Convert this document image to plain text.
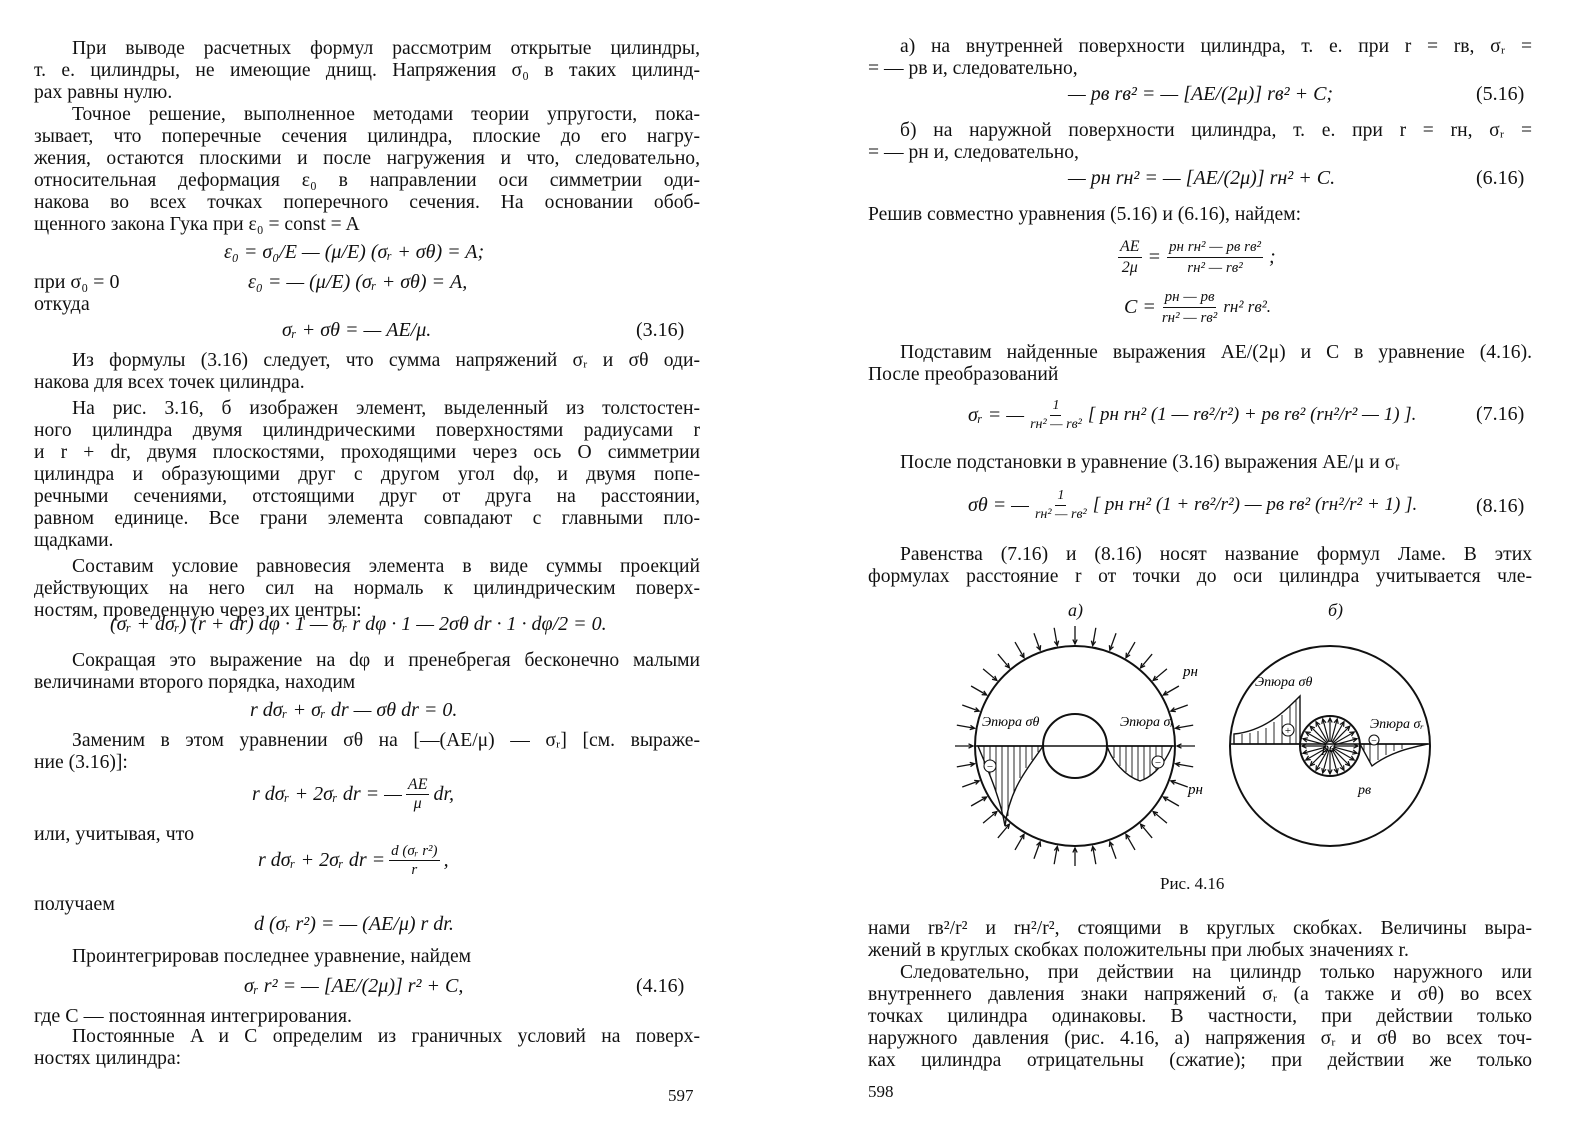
При выводе расчетных формул рассмотрим открытые цилиндры,
т. е. цилиндры, не имеющие днищ. Напряжения σ₀ в таких цилинд-
рах равны нулю.
Точное решение, выполненное методами теории упругости, пока-
зывает, что поперечные сечения цилиндра, плоские до его нагру-
жения, остаются плоскими и после нагружения и что, следовательно,
относительная деформация ε₀ в направлении оси симметрии оди-
накова во всех точках поперечного сечения. На основании обоб-
щенного закона Гука при ε₀ = const = A
ε₀ = σ₀/E — (μ/E) (σᵣ + σθ) = A;
при σ₀ = 0	ε₀ = — (μ/E) (σᵣ + σθ) = A,
откуда
σᵣ + σθ = — AE/μ.	(3.16)
Из формулы (3.16) следует, что сумма напряжений σᵣ и σθ оди-
накова для всех точек цилиндра.
На рис. 3.16, б изображен элемент, выделенный из толстостен-
ного цилиндра двумя цилиндрическими поверхностями радиусами r
и r + dr, двумя плоскостями, проходящими через ось O симметрии
цилиндра и образующими друг с другом угол dφ, и двумя попе-
речными сечениями, отстоящими друг от друга на расстоянии,
равном единице. Все грани элемента совпадают с главными пло-
щадками.
Составим условие равновесия элемента в виде суммы проекций
действующих на него сил на нормаль к цилиндрическим поверх-
ностям, проведенную через их центры:
(σᵣ + dσᵣ) (r + dr) dφ · 1 — σᵣ r dφ · 1 — 2σθ dr · 1 · dφ/2 = 0.
Сокращая это выражение на dφ и пренебрегая бесконечно малыми
величинами второго порядка, находим
r dσᵣ + σᵣ dr — σθ dr = 0.
Заменим в этом уравнении σθ на [—(AE/μ) — σᵣ] [см. выраже-
ние (3.16)]:
r dσᵣ + 2σᵣ dr = — $\frac{AE}{\mu}$ dr,
или, учитывая, что
r dσᵣ + 2σᵣ dr = $\frac{\text{d (σᵣ r²)}}{r}$ ,
получаем
d (σᵣ r²) = — (AE/μ) r dr.
Проинтегрировав последнее уравнение, найдем
σᵣ r² = — [AE/(2μ)] r² + C,	(4.16)
где C — постоянная интегрирования.
Постоянные A и C определим из граничных условий на поверх-
ностях цилиндра:
597
а) на внутренней поверхности цилиндра, т. е. при r = rв, σᵣ =
= — pв и, следовательно,
— pв rв² = — [AE/(2μ)] rв² + C;	(5.16)
б) на наружной поверхности цилиндра, т. е. при r = rн, σᵣ =
= — pн и, следовательно,
— pн rн² = — [AE/(2μ)] rн² + C.	(6.16)
Решив совместно уравнения (5.16) и (6.16), найдем:
$\frac{AE}{2\mu}$ = pн rн² — pв rв²
rн² — rв² ;
C = pн — pв
rн² — rв²
rн² rв².
Подставим найденные выражения AE/(2μ) и C в уравнение (4.16).
После преобразований
σᵣ = — 1
rн² — rв² [ pн rн² (1 — rв²/r²) + pв rв² (rн²/r² — 1) ].	(7.16)
После подстановки в уравнение (3.16) выражения AE/μ и σᵣ
σθ = — 1
rн² — rв² [ pн rн² (1 + rв²/r²) — pв rв² (rн²/r² + 1) ].	(8.16)
Равенства (7.16) и (8.16) носят название формул Ламе. В этих
формулах расстояние r от точки до оси цилиндра учитывается чле-
а)	б)
−	−
Эпюра σθ	Эпюра σᵣ
pн
pн
+
−
Эпюра σθ
Эпюра σᵣ
pв
pв
Рис. 4.16
нами rв²/r² и rн²/r², стоящими в круглых скобках. Величины выра-
жений в круглых скобках положительны при любых значениях r.
Следовательно, при действии на цилиндр только наружного или
внутреннего давления знаки напряжений σᵣ (а также и σθ) во всех
точках цилиндра одинаковы. В частности, при действии только
наружного давления (рис. 4.16, а) напряжения σᵣ и σθ во всех точ-
ках цилиндра отрицательны (сжатие); при действии же только
598
